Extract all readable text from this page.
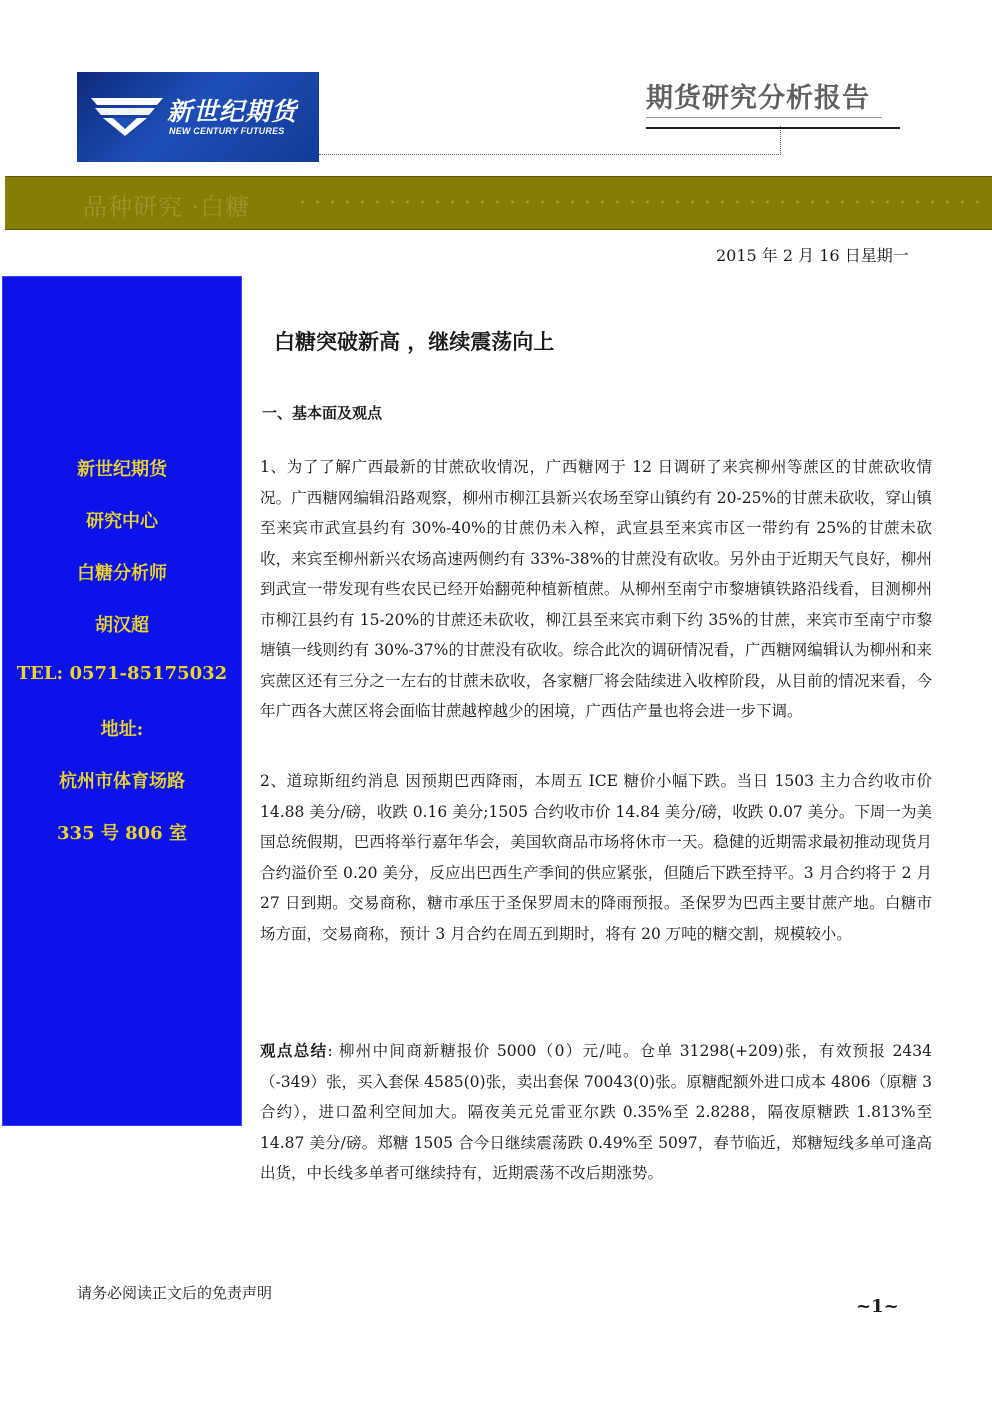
新世纪期货
NEW CENTURY FUTURES
期货研究分析报告
品种研究 ·白糖
2015 年 2 月 16 日星期一
新世纪期货
研究中心
白糖分析师
胡汉超
TEL: 0571-85175032
地址:
杭州市体育场路
335 号 806 室
白糖突破新高 ，继续震荡向上
一、基本面及观点

1、为了了解广西最新的甘蔗砍收情况，广西糖网于 12 日调研了来宾柳州等蔗区的甘蔗砍收情况。广西糖网编辑沿路观察，柳州市柳江县新兴农场至穿山镇约有 20-25%的甘蔗未砍收，穿山镇至来宾市武宣县约有 30%-40%的甘蔗仍未入榨，武宣县至来宾市区一带约有 25%的甘蔗未砍收，来宾至柳州新兴农场高速两侧约有 33%-38%的甘蔗没有砍收。另外由于近期天气良好，柳州到武宣一带发现有些农民已经开始翻蔸种植新植蔗。从柳州至南宁市黎塘镇铁路沿线看，目测柳州市柳江县约有 15-20%的甘蔗还未砍收，柳江县至来宾市剩下约 35%的甘蔗，来宾市至南宁市黎塘镇一线则约有 30%-37%的甘蔗没有砍收。综合此次的调研情况看，广西糖网编辑认为柳州和来宾蔗区还有三分之一左右的甘蔗未砍收，各家糖厂将会陆续进入收榨阶段，从目前的情况来看，今年广西各大蔗区将会面临甘蔗越榨越少的困境，广西估产量也将会进一步下调。

2、道琼斯纽约消息 因预期巴西降雨，本周五 ICE 糖价小幅下跌。当日 1503 主力合约收市价 14.88 美分/磅，收跌 0.16 美分;1505 合约收市价 14.84 美分/磅，收跌 0.07 美分。下周一为美国总统假期，巴西将举行嘉年华会，美国软商品市场将休市一天。稳健的近期需求最初推动现货月合约溢价至 0.20 美分，反应出巴西生产季间的供应紧张，但随后下跌至持平。3 月合约将于 2 月 27 日到期。交易商称，糖市承压于圣保罗周末的降雨预报。圣保罗为巴西主要甘蔗产地。白糖市场方面，交易商称，预计 3 月合约在周五到期时，将有 20 万吨的糖交割，规模较小。

观点总结: 柳州中间商新糖报价 5000（0）元/吨。仓单 31298(+209)张，有效预报 2434（-349）张，买入套保 4585(0)张，卖出套保 70043(0)张。原糖配额外进口成本 4806（原糖 3 合约），进口盈利空间加大。隔夜美元兑雷亚尔跌 0.35%至 2.8288，隔夜原糖跌 1.813%至 14.87 美分/磅。郑糖 1505 合今日继续震荡跌 0.49%至 5097，春节临近，郑糖短线多单可逢高出货，中长线多单者可继续持有，近期震荡不改后期涨势。

请务必阅读正文后的免责声明
~1~
